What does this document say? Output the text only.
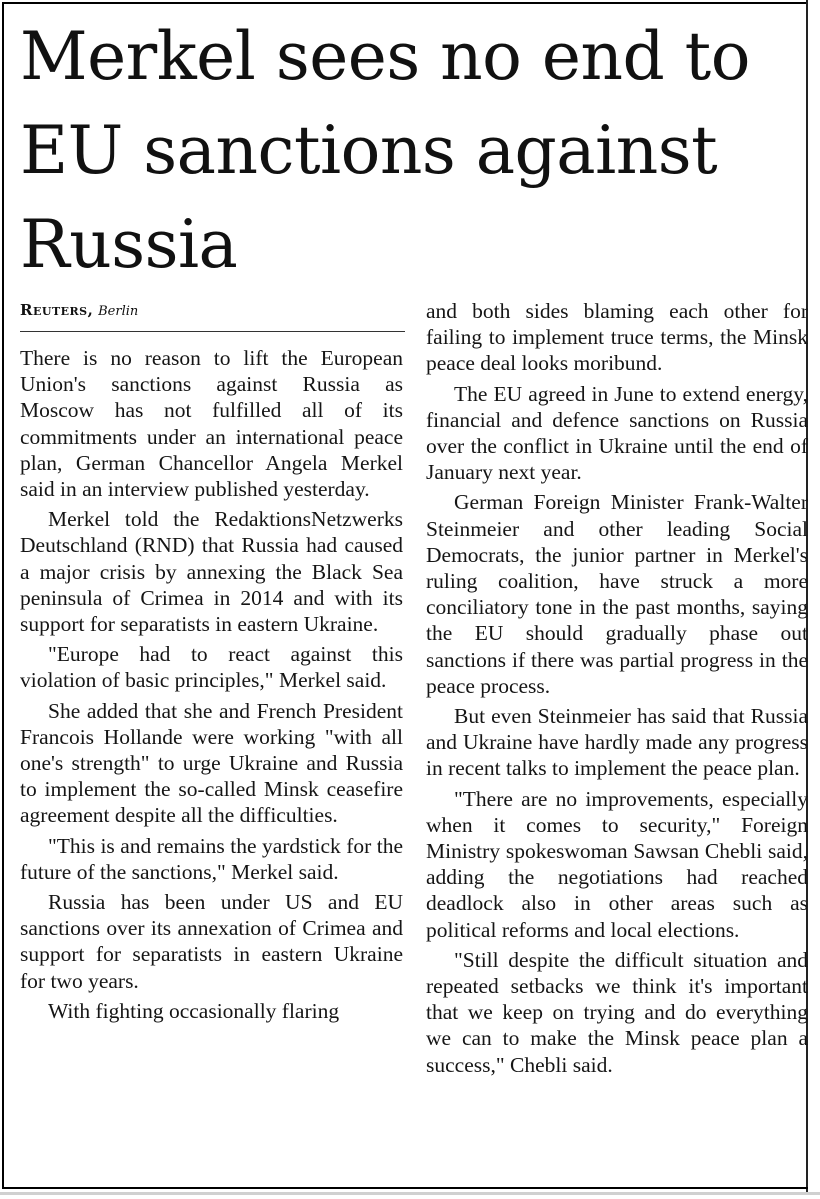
Merkel sees no end to EU sanctions against Russia
Reuters, Berlin

There is no reason to lift the European Union's sanctions against Russia as Moscow has not fulfilled all of its commitments under an international peace plan, German Chancellor Angela Merkel said in an interview published yesterday.

Merkel told the RedaktionsNetzwerks Deutschland (RND) that Russia had caused a major crisis by annexing the Black Sea peninsula of Crimea in 2014 and with its support for separatists in eastern Ukraine.

"Europe had to react against this violation of basic principles," Merkel said.

She added that she and French President Francois Hollande were working "with all one's strength" to urge Ukraine and Russia to implement the so-called Minsk ceasefire agreement despite all the difficulties.

"This is and remains the yardstick for the future of the sanctions," Merkel said.

Russia has been under US and EU sanctions over its annexation of Crimea and support for separatists in eastern Ukraine for two years.

With fighting occasionally flaring

and both sides blaming each other for failing to implement truce terms, the Minsk peace deal looks moribund.

The EU agreed in June to extend energy, financial and defence sanctions on Russia over the conflict in Ukraine until the end of January next year.

German Foreign Minister Frank-Walter Steinmeier and other leading Social Democrats, the junior partner in Merkel's ruling coalition, have struck a more conciliatory tone in the past months, saying the EU should gradually phase out sanctions if there was partial progress in the peace process.

But even Steinmeier has said that Russia and Ukraine have hardly made any progress in recent talks to implement the peace plan.

"There are no improvements, especially when it comes to security," Foreign Ministry spokeswoman Sawsan Chebli said, adding the negotiations had reached deadlock also in other areas such as political reforms and local elections.

"Still despite the difficult situation and repeated setbacks we think it's important that we keep on trying and do everything we can to make the Minsk peace plan a success," Chebli said.
